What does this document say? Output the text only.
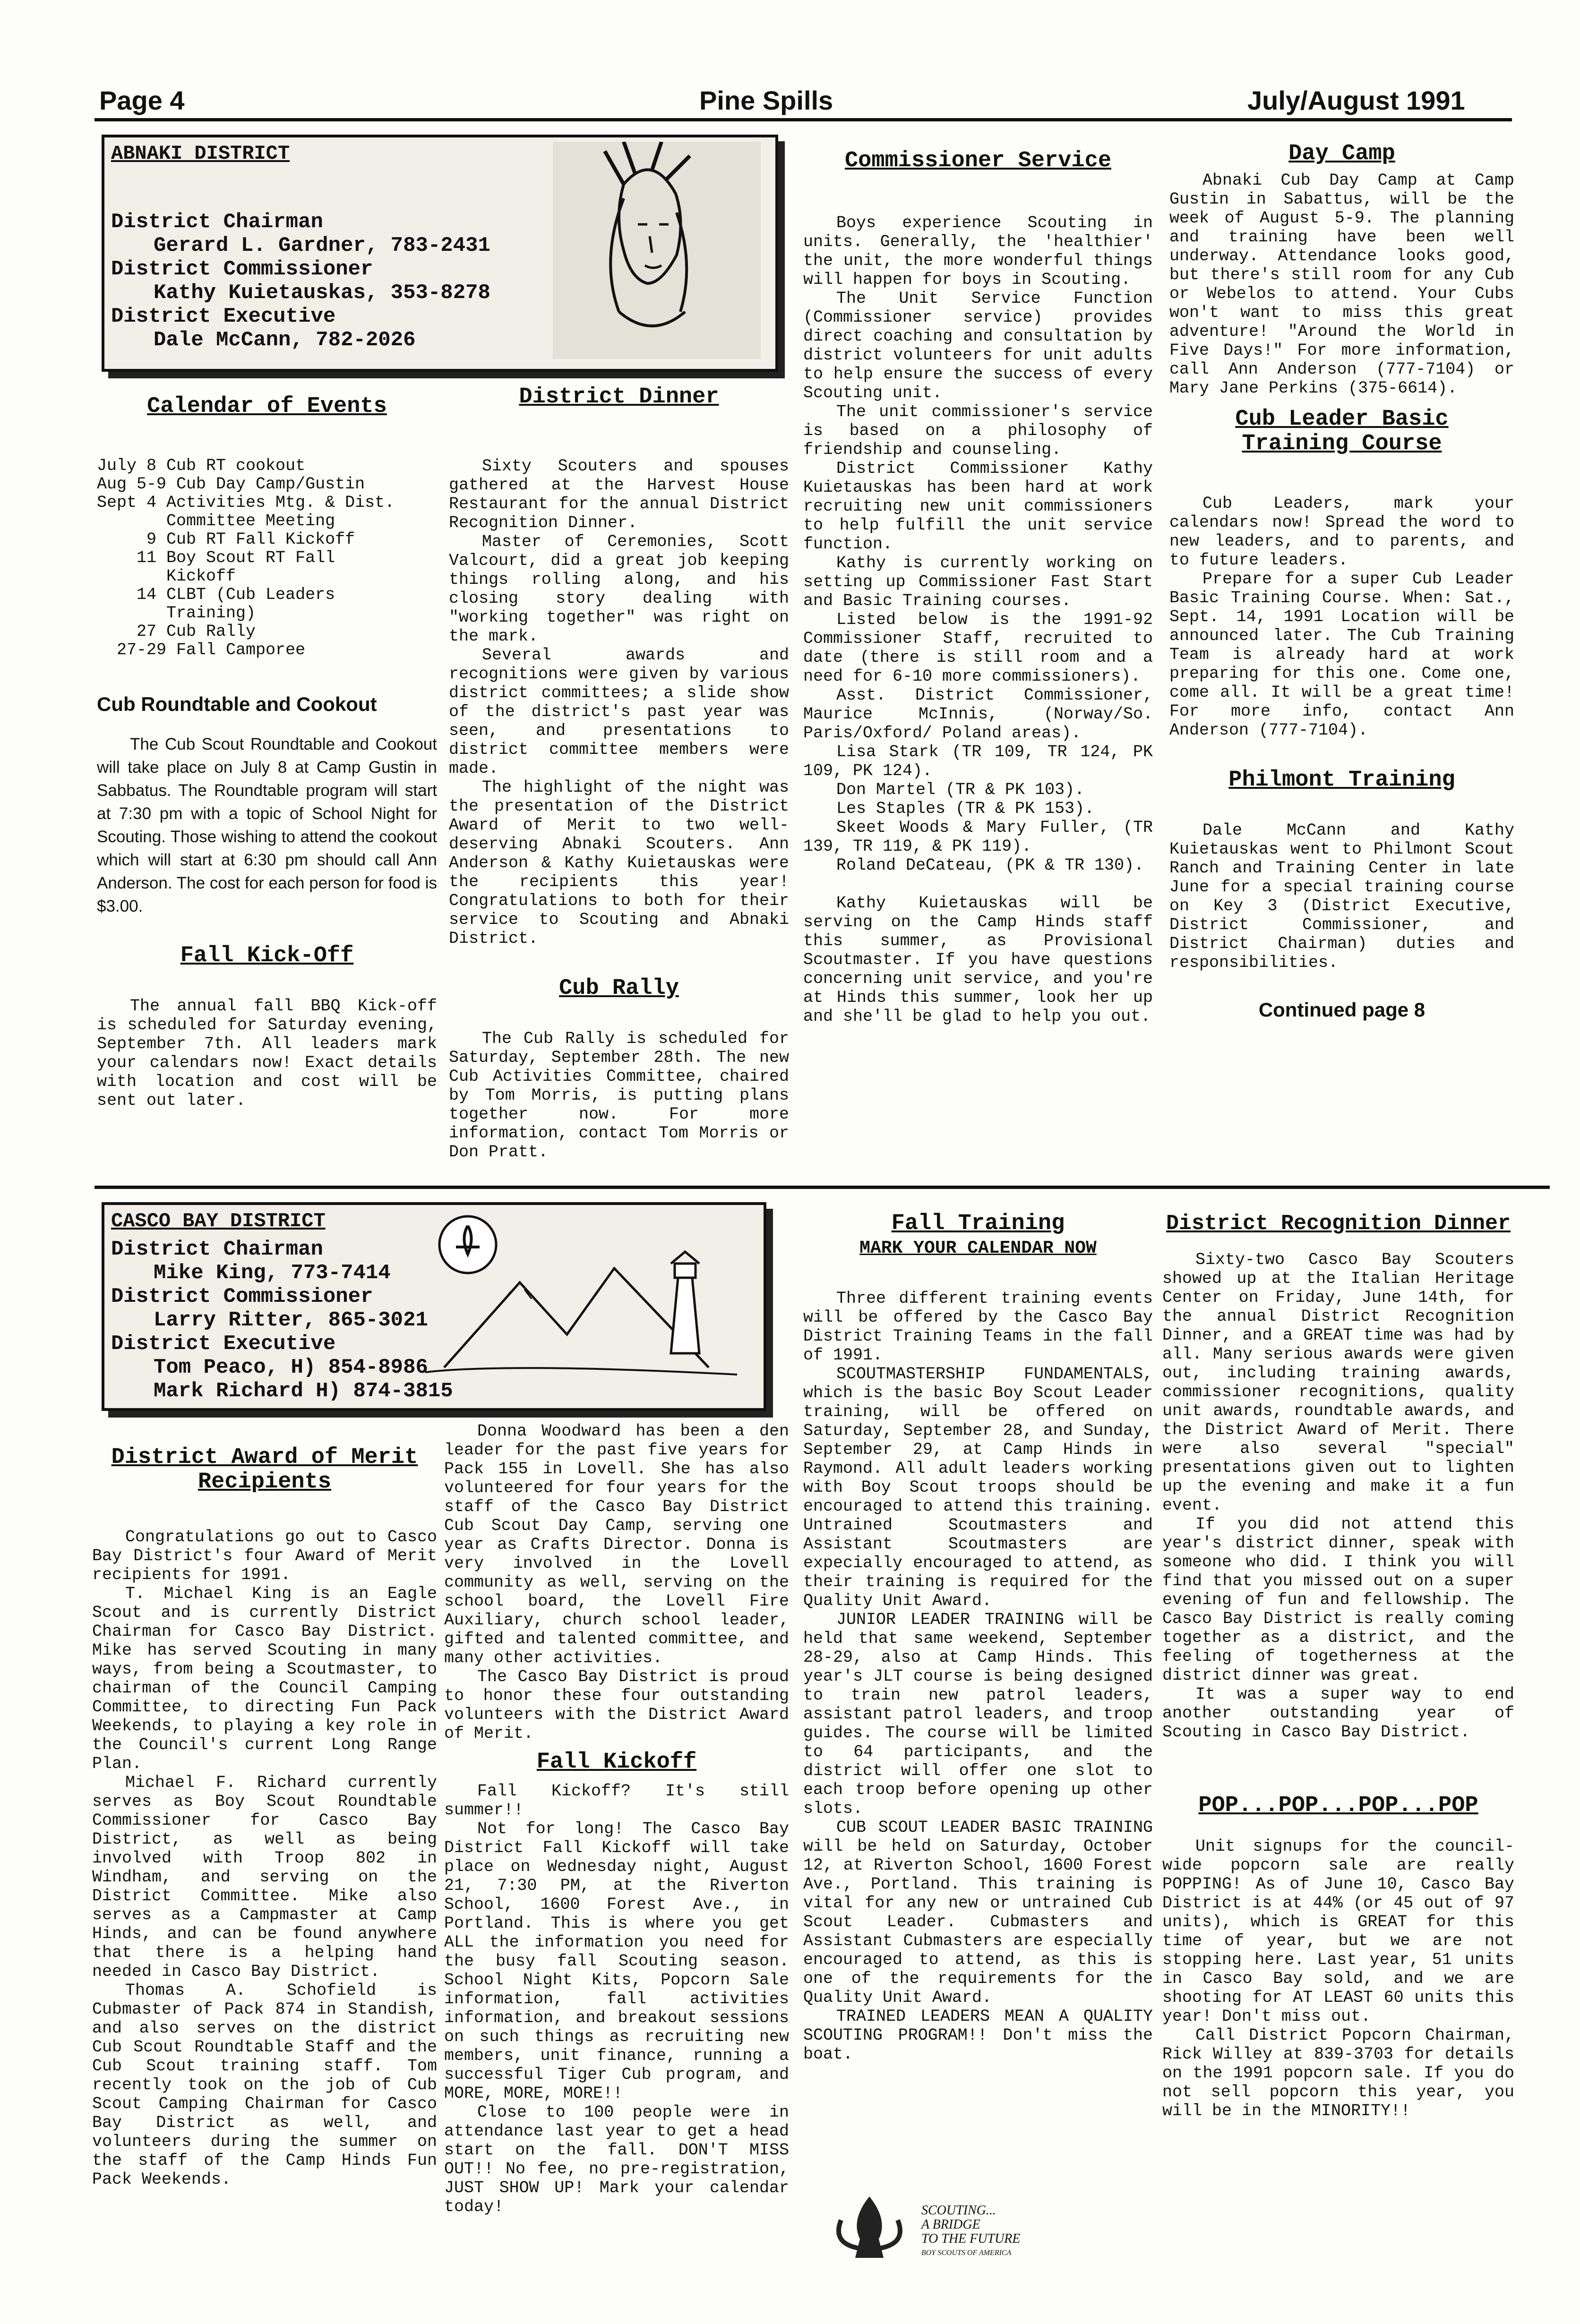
Page 4	Pine Spills	July/August 1991
ABNAKI DISTRICT
District Chairman
Gerard L. Gardner, 783-2431
District Commissioner
Kathy Kuietauskas, 353-8278
District Executive
Dale McCann, 782-2026
Calendar of Events
July 8 Cub RT cookout
Aug 5-9 Cub Day Camp/Gustin
Sept 4 Activities Mtg. & Dist.
Committee Meeting
9 Cub RT Fall Kickoff
11 Boy Scout RT Fall
Kickoff
14 CLBT (Cub Leaders
Training)
27 Cub Rally
27-29 Fall Camporee
Cub Roundtable and Cookout

The Cub Scout Roundtable and Cookout will take place on July 8 at Camp Gustin in Sabbatus. The Roundtable program will start at 7:30 pm with a topic of School Night for Scouting. Those wishing to attend the cookout which will start at 6:30 pm should call Ann Anderson. The cost for each person for food is $3.00.

Fall Kick-Off

The annual fall BBQ Kick-off is scheduled for Saturday evening, September 7th. All leaders mark your calendars now! Exact details with location and cost will be sent out later.

District Dinner

Sixty Scouters and spouses gathered at the Harvest House Restaurant for the annual District Recognition Dinner.

Master of Ceremonies, Scott Valcourt, did a great job keeping things rolling along, and his closing story dealing with "working together" was right on the mark.

Several awards and recognitions were given by various district committees; a slide show of the district's past year was seen, and presentations to district committee members were made.

The highlight of the night was the presentation of the District Award of Merit to two well-deserving Abnaki Scouters. Ann Anderson & Kathy Kuietauskas were the recipients this year! Congratulations to both for their service to Scouting and Abnaki District.

Cub Rally

The Cub Rally is scheduled for Saturday, September 28th. The new Cub Activities Committee, chaired by Tom Morris, is putting plans together now. For more information, contact Tom Morris or Don Pratt.

Commissioner Service

Boys experience Scouting in units. Generally, the 'healthier' the unit, the more wonderful things will happen for boys in Scouting.

The Unit Service Function (Commissioner service) provides direct coaching and consultation by district volunteers for unit adults to help ensure the success of every Scouting unit.

The unit commissioner's service is based on a philosophy of friendship and counseling.

District Commissioner Kathy Kuietauskas has been hard at work recruiting new unit commissioners to help fulfill the unit service function.

Kathy is currently working on setting up Commissioner Fast Start and Basic Training courses.

Listed below is the 1991-92 Commissioner Staff, recruited to date (there is still room and a need for 6-10 more commissioners).

Asst. District Commissioner, Maurice McInnis, (Norway/So. Paris/Oxford/ Poland areas).

Lisa Stark (TR 109, TR 124, PK 109, PK 124).

Don Martel (TR & PK 103).

Les Staples (TR & PK 153).

Skeet Woods & Mary Fuller, (TR 139, TR 119, & PK 119).

Roland DeCateau, (PK & TR 130).

Kathy Kuietauskas will be serving on the Camp Hinds staff this summer, as Provisional Scoutmaster. If you have questions concerning unit service, and you're at Hinds this summer, look her up and she'll be glad to help you out.

Day Camp

Abnaki Cub Day Camp at Camp Gustin in Sabattus, will be the week of August 5-9. The planning and training have been well underway. Attendance looks good, but there's still room for any Cub or Webelos to attend. Your Cubs won't want to miss this great adventure! "Around the World in Five Days!" For more information, call Ann Anderson (777-7104) or Mary Jane Perkins (375-6614).

Cub Leader Basic
Training Course

Cub Leaders, mark your calendars now! Spread the word to new leaders, and to parents, and to future leaders.

Prepare for a super Cub Leader Basic Training Course. When: Sat., Sept. 14, 1991 Location will be announced later. The Cub Training Team is already hard at work preparing for this one. Come one, come all. It will be a great time! For more info, contact Ann Anderson (777-7104).

Philmont Training

Dale McCann and Kathy Kuietauskas went to Philmont Scout Ranch and Training Center in late June for a special training course on Key 3 (District Executive, District Commissioner, and District Chairman) duties and responsibilities.

Continued page 8
CASCO BAY DISTRICT
District Chairman
Mike King, 773-7414
District Commissioner
Larry Ritter, 865-3021
District Executive
Tom Peaco, H) 854-8986
Mark Richard H) 874-3815
District Award of Merit
Recipients

Congratulations go out to Casco Bay District's four Award of Merit recipients for 1991.

T. Michael King is an Eagle Scout and is currently District Chairman for Casco Bay District. Mike has served Scouting in many ways, from being a Scoutmaster, to chairman of the Council Camping Committee, to directing Fun Pack Weekends, to playing a key role in the Council's current Long Range Plan.

Michael F. Richard currently serves as Boy Scout Roundtable Commissioner for Casco Bay District, as well as being involved with Troop 802 in Windham, and serving on the District Committee. Mike also serves as a Campmaster at Camp Hinds, and can be found anywhere that there is a helping hand needed in Casco Bay District.

Thomas A. Schofield is Cubmaster of Pack 874 in Standish, and also serves on the district Cub Scout Roundtable Staff and the Cub Scout training staff. Tom recently took on the job of Cub Scout Camping Chairman for Casco Bay District as well, and volunteers during the summer on the staff of the Camp Hinds Fun Pack Weekends.

Donna Woodward has been a den leader for the past five years for Pack 155 in Lovell. She has also volunteered for four years for the staff of the Casco Bay District Cub Scout Day Camp, serving one year as Crafts Director. Donna is very involved in the Lovell community as well, serving on the school board, the Lovell Fire Auxiliary, church school leader, gifted and talented committee, and many other activities.

The Casco Bay District is proud to honor these four outstanding volunteers with the District Award of Merit.

Fall Kickoff

Fall Kickoff? It's still summer!!

Not for long! The Casco Bay District Fall Kickoff will take place on Wednesday night, August 21, 7:30 PM, at the Riverton School, 1600 Forest Ave., in Portland. This is where you get ALL the information you need for the busy fall Scouting season. School Night Kits, Popcorn Sale information, fall activities information, and breakout sessions on such things as recruiting new members, unit finance, running a successful Tiger Cub program, and MORE, MORE, MORE!!

Close to 100 people were in attendance last year to get a head start on the fall. DON'T MISS OUT!! No fee, no pre-registration, JUST SHOW UP! Mark your calendar today!

Fall Training
MARK YOUR CALENDAR NOW

Three different training events will be offered by the Casco Bay District Training Teams in the fall of 1991.

SCOUTMASTERSHIP FUNDAMENTALS, which is the basic Boy Scout Leader training, will be offered on Saturday, September 28, and Sunday, September 29, at Camp Hinds in Raymond. All adult leaders working with Boy Scout troops should be encouraged to attend this training. Untrained Scoutmasters and Assistant Scoutmasters are expecially encouraged to attend, as their training is required for the Quality Unit Award.

JUNIOR LEADER TRAINING will be held that same weekend, September 28-29, also at Camp Hinds. This year's JLT course is being designed to train new patrol leaders, assistant patrol leaders, and troop guides. The course will be limited to 64 participants, and the district will offer one slot to each troop before opening up other slots.

CUB SCOUT LEADER BASIC TRAINING will be held on Saturday, October 12, at Riverton School, 1600 Forest Ave., Portland. This training is vital for any new or untrained Cub Scout Leader. Cubmasters and Assistant Cubmasters are especially encouraged to attend, as this is one of the requirements for the Quality Unit Award.

TRAINED LEADERS MEAN A QUALITY SCOUTING PROGRAM!! Don't miss the boat.

SCOUTING...
A BRIDGE
TO THE FUTURE
BOY SCOUTS OF AMERICA
District Recognition Dinner

Sixty-two Casco Bay Scouters showed up at the Italian Heritage Center on Friday, June 14th, for the annual District Recognition Dinner, and a GREAT time was had by all. Many serious awards were given out, including training awards, commissioner recognitions, quality unit awards, roundtable awards, and the District Award of Merit. There were also several "special" presentations given out to lighten up the evening and make it a fun event.

If you did not attend this year's district dinner, speak with someone who did. I think you will find that you missed out on a super evening of fun and fellowship. The Casco Bay District is really coming together as a district, and the feeling of togetherness at the district dinner was great.

It was a super way to end another outstanding year of Scouting in Casco Bay District.

POP...POP...POP...POP

Unit signups for the council-wide popcorn sale are really POPPING! As of June 10, Casco Bay District is at 44% (or 45 out of 97 units), which is GREAT for this time of year, but we are not stopping here. Last year, 51 units in Casco Bay sold, and we are shooting for AT LEAST 60 units this year! Don't miss out.

Call District Popcorn Chairman, Rick Willey at 839-3703 for details on the 1991 popcorn sale. If you do not sell popcorn this year, you will be in the MINORITY!!
